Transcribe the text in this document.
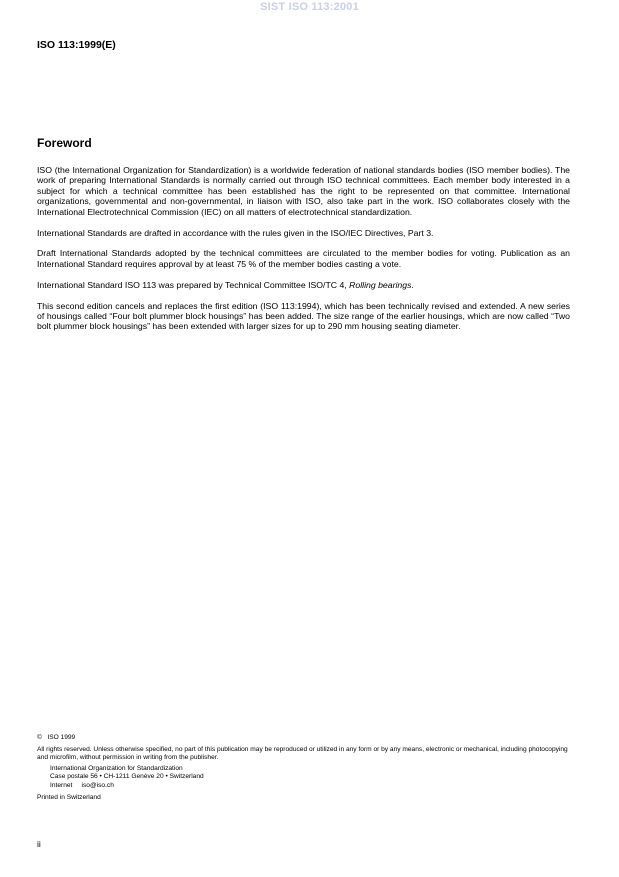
SIST ISO 113:2001
ISO 113:1999(E)
Foreword

ISO (the International Organization for Standardization) is a worldwide federation of national standards bodies (ISO member bodies). The work of preparing International Standards is normally carried out through ISO technical committees. Each member body interested in a subject for which a technical committee has been established has the right to be represented on that committee. International organizations, governmental and non-governmental, in liaison with ISO, also take part in the work. ISO collaborates closely with the International Electrotechnical Commission (IEC) on all matters of electrotechnical standardization.

International Standards are drafted in accordance with the rules given in the ISO/IEC Directives, Part 3.

Draft International Standards adopted by the technical committees are circulated to the member bodies for voting. Publication as an International Standard requires approval by at least 75 % of the member bodies casting a vote.

International Standard ISO 113 was prepared by Technical Committee ISO/TC 4, Rolling bearings.

This second edition cancels and replaces the first edition (ISO 113:1994), which has been technically revised and extended. A new series of housings called “Four bolt plummer block housings” has been added. The size range of the earlier housings, which are now called “Two bolt plummer block housings” has been extended with larger sizes for up to 290 mm housing seating diameter.

© ISO 1999
All rights reserved. Unless otherwise specified, no part of this publication may be reproduced or utilized in any form or by any means, electronic or mechanical, including photocopying and microfilm, without permission in writing from the publisher.
International Organization for Standardization
Case postale 56 • CH-1211 Genève 20 • Switzerland
Internet iso@iso.ch
Printed in Switzerland
ii
